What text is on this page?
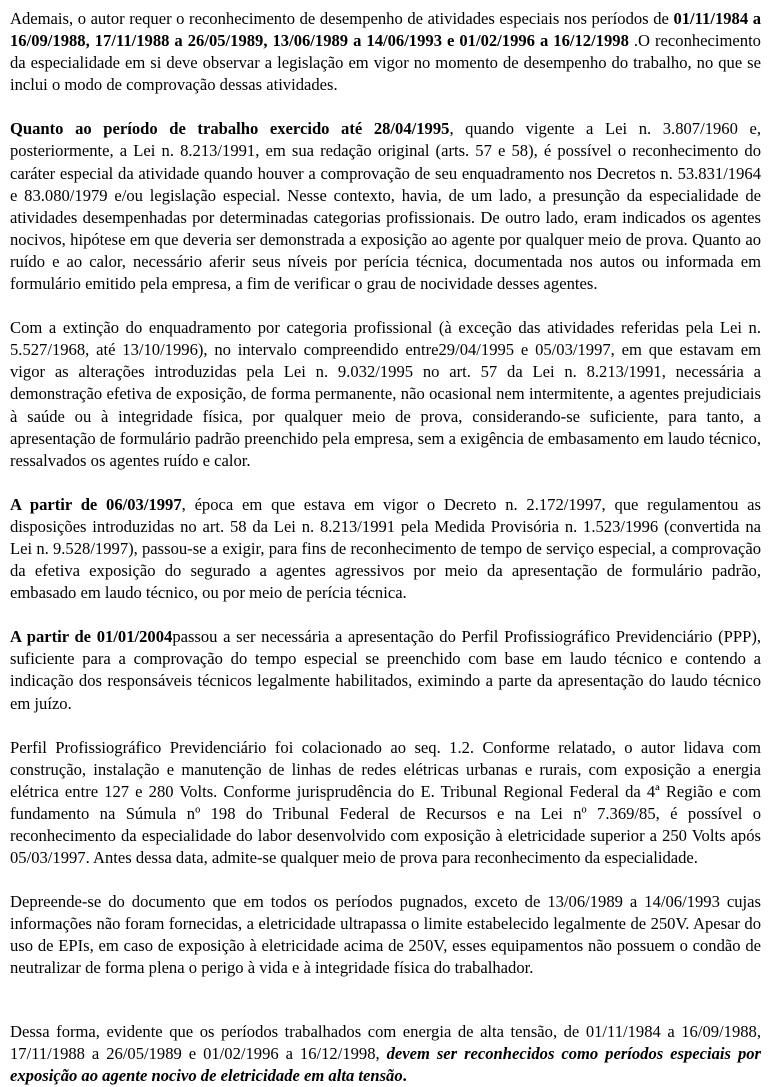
Ademais, o autor requer o reconhecimento de desempenho de atividades especiais nos períodos de 01/11/1984 a 16/09/1988, 17/11/1988 a 26/05/1989, 13/06/1989 a 14/06/1993 e 01/02/1996 a 16/12/1998 .O reconhecimento da especialidade em si deve observar a legislação em vigor no momento de desempenho do trabalho, no que se inclui o modo de comprovação dessas atividades.

Quanto ao período de trabalho exercido até 28/04/1995, quando vigente a Lei n. 3.807/1960 e, posteriormente, a Lei n. 8.213/1991, em sua redação original (arts. 57 e 58), é possível o reconhecimento do caráter especial da atividade quando houver a comprovação de seu enquadramento nos Decretos n. 53.831/1964 e 83.080/1979 e/ou legislação especial. Nesse contexto, havia, de um lado, a presunção da especialidade de atividades desempenhadas por determinadas categorias profissionais. De outro lado, eram indicados os agentes nocivos, hipótese em que deveria ser demonstrada a exposição ao agente por qualquer meio de prova. Quanto ao ruído e ao calor, necessário aferir seus níveis por perícia técnica, documentada nos autos ou informada em formulário emitido pela empresa, a fim de verificar o grau de nocividade desses agentes.

Com a extinção do enquadramento por categoria profissional (à exceção das atividades referidas pela Lei n. 5.527/1968, até 13/10/1996), no intervalo compreendido entre29/04/1995 e 05/03/1997, em que estavam em vigor as alterações introduzidas pela Lei n. 9.032/1995 no art. 57 da Lei n. 8.213/1991, necessária a demonstração efetiva de exposição, de forma permanente, não ocasional nem intermitente, a agentes prejudiciais à saúde ou à integridade física, por qualquer meio de prova, considerando-se suficiente, para tanto, a apresentação de formulário padrão preenchido pela empresa, sem a exigência de embasamento em laudo técnico, ressalvados os agentes ruído e calor.

A partir de 06/03/1997, época em que estava em vigor o Decreto n. 2.172/1997, que regulamentou as disposições introduzidas no art. 58 da Lei n. 8.213/1991 pela Medida Provisória n. 1.523/1996 (convertida na Lei n. 9.528/1997), passou-se a exigir, para fins de reconhecimento de tempo de serviço especial, a comprovação da efetiva exposição do segurado a agentes agressivos por meio da apresentação de formulário padrão, embasado em laudo técnico, ou por meio de perícia técnica.

A partir de 01/01/2004passou a ser necessária a apresentação do Perfil Profissiográfico Previdenciário (PPP), suficiente para a comprovação do tempo especial se preenchido com base em laudo técnico e contendo a indicação dos responsáveis técnicos legalmente habilitados, eximindo a parte da apresentação do laudo técnico em juízo.

Perfil Profissiográfico Previdenciário foi colacionado ao seq. 1.2. Conforme relatado, o autor lidava com construção, instalação e manutenção de linhas de redes elétricas urbanas e rurais, com exposição a energia elétrica entre 127 e 280 Volts. Conforme jurisprudência do E. Tribunal Regional Federal da 4ª Região e com fundamento na Súmula nº 198 do Tribunal Federal de Recursos e na Lei nº 7.369/85, é possível o reconhecimento da especialidade do labor desenvolvido com exposição à eletricidade superior a 250 Volts após 05/03/1997. Antes dessa data, admite-se qualquer meio de prova para reconhecimento da especialidade.

Depreende-se do documento que em todos os períodos pugnados, exceto de 13/06/1989 a 14/06/1993 cujas informações não foram fornecidas, a eletricidade ultrapassa o limite estabelecido legalmente de 250V. Apesar do uso de EPIs, em caso de exposição à eletricidade acima de 250V, esses equipamentos não possuem o condão de neutralizar de forma plena o perigo à vida e à integridade física do trabalhador.

Dessa forma, evidente que os períodos trabalhados com energia de alta tensão, de 01/11/1984 a 16/09/1988, 17/11/1988 a 26/05/1989 e 01/02/1996 a 16/12/1998, devem ser reconhecidos como períodos especiais por exposição ao agente nocivo de eletricidade em alta tensão.
